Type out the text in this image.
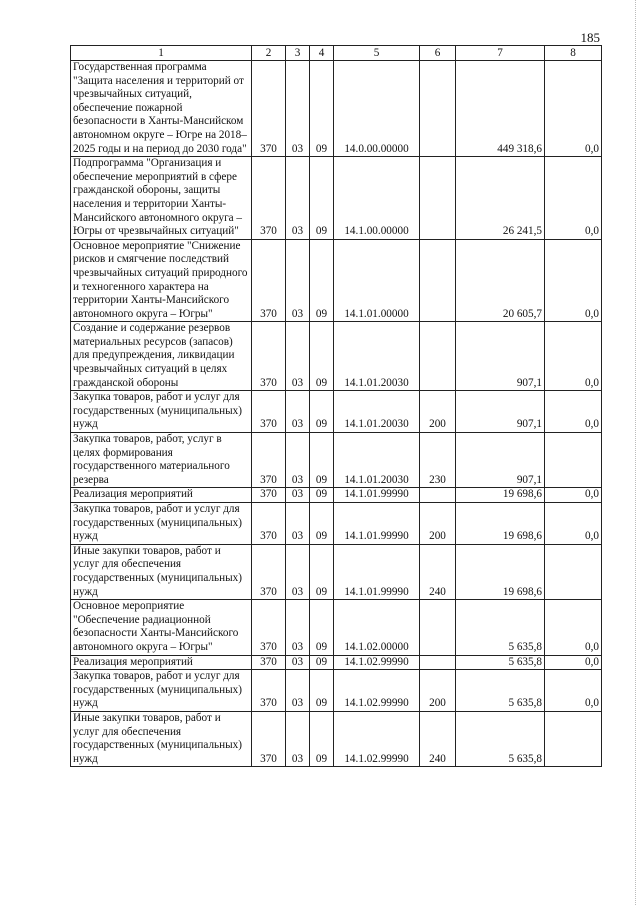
185
1	2	3	4	5	6	7	8
Государственная программа "Защита населения и территорий от чрезвычайных ситуаций, обеспечение пожарной безопасности в Ханты-Мансийском автономном округе – Югре на 2018–2025 годы и на период до 2030 года"	370	03	09	14.0.00.00000		449 318,6	0,0
Подпрограмма "Организация и обеспечение мероприятий в сфере гражданской обороны, защиты населения и территории Ханты-Мансийского автономного округа – Югры от чрезвычайных ситуаций"	370	03	09	14.1.00.00000		26 241,5	0,0
Основное мероприятие "Снижение рисков и смягчение последствий чрезвычайных ситуаций природного и техногенного характера на территории Ханты-Мансийского автономного округа – Югры"	370	03	09	14.1.01.00000		20 605,7	0,0
Создание и содержание резервов материальных ресурсов (запасов) для предупреждения, ликвидации чрезвычайных ситуаций в целях гражданской обороны	370	03	09	14.1.01.20030		907,1	0,0
Закупка товаров, работ и услуг для государственных (муниципальных) нужд	370	03	09	14.1.01.20030	200	907,1	0,0
Закупка товаров, работ, услуг в целях формирования государственного материального резерва	370	03	09	14.1.01.20030	230	907,1	
Реализация мероприятий	370	03	09	14.1.01.99990		19 698,6	0,0
Закупка товаров, работ и услуг для государственных (муниципальных) нужд	370	03	09	14.1.01.99990	200	19 698,6	0,0
Иные закупки товаров, работ и услуг для обеспечения государственных (муниципальных) нужд	370	03	09	14.1.01.99990	240	19 698,6	
Основное мероприятие "Обеспечение радиационной безопасности Ханты-Мансийского автономного округа – Югры"	370	03	09	14.1.02.00000		5 635,8	0,0
Реализация мероприятий	370	03	09	14.1.02.99990		5 635,8	0,0
Закупка товаров, работ и услуг для государственных (муниципальных) нужд	370	03	09	14.1.02.99990	200	5 635,8	0,0
Иные закупки товаров, работ и услуг для обеспечения государственных (муниципальных) нужд	370	03	09	14.1.02.99990	240	5 635,8	
